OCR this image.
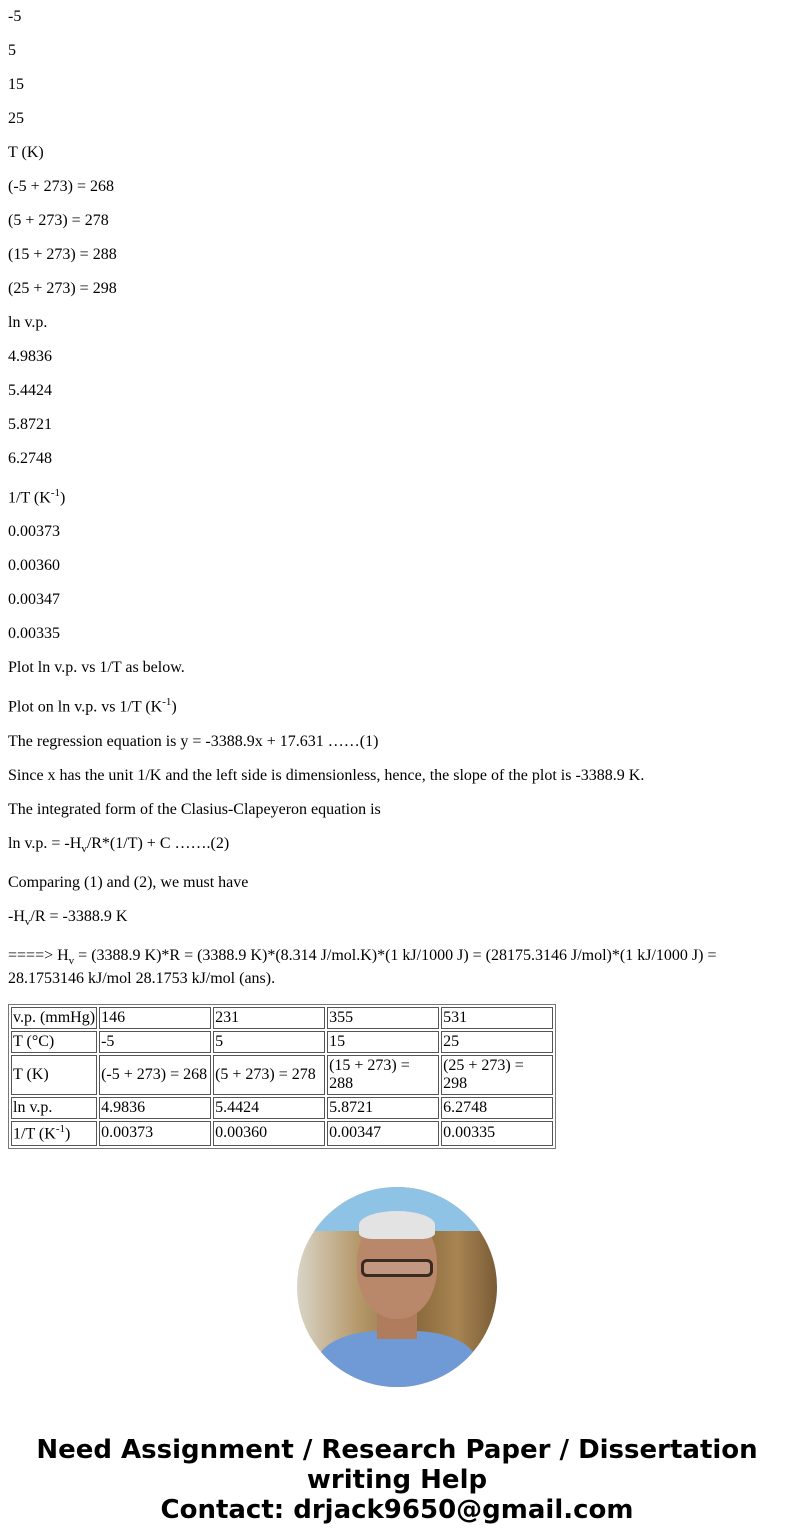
-5

5

15

25

T (K)

(-5 + 273) = 268

(5 + 273) = 278

(15 + 273) = 288

(25 + 273) = 298

ln v.p.

4.9836

5.4424

5.8721

6.2748

1/T $(K^{-1})$

0.00373

0.00360

0.00347

0.00335

Plot ln v.p. vs 1/T as below.

Plot on ln v.p. vs 1/T $(K^{-1})$

The regression equation is y = -3388.9x + 17.631 ……(1)

Since x has the unit 1/K and the left side is dimensionless, hence, the slope of the plot is -3388.9 K.

The integrated form of the Clasius-Clapeyeron equation is

ln v.p. = $-H_v/R*(1/T) + C$ …….(2)

Comparing (1) and (2), we must have

$-H_v/R = -3388.9$ K

====> $H_v = (3388.9$ K)*R = (3388.9 K)*(8.314 J/mol.K)*(1 kJ/1000 J) = (28175.3146 J/mol)*(1 kJ/1000 J) = 28.1753146 kJ/mol 28.1753 kJ/mol (ans).

v.p. (mmHg)	146	231	355	531
T (°C)	-5	5	15	25
T (K)	(-5 + 273) = 268	(5 + 273) = 278	(15 + 273) = 288	(25 + 273) = 298
ln v.p.	4.9836	5.4424	5.8721	6.2748
1/T $(K^{-1})$	0.00373	0.00360	0.00347	0.00335
Need Assignment / Research Paper / Dissertation writing Help
Contact: drjack9650@gmail.com
